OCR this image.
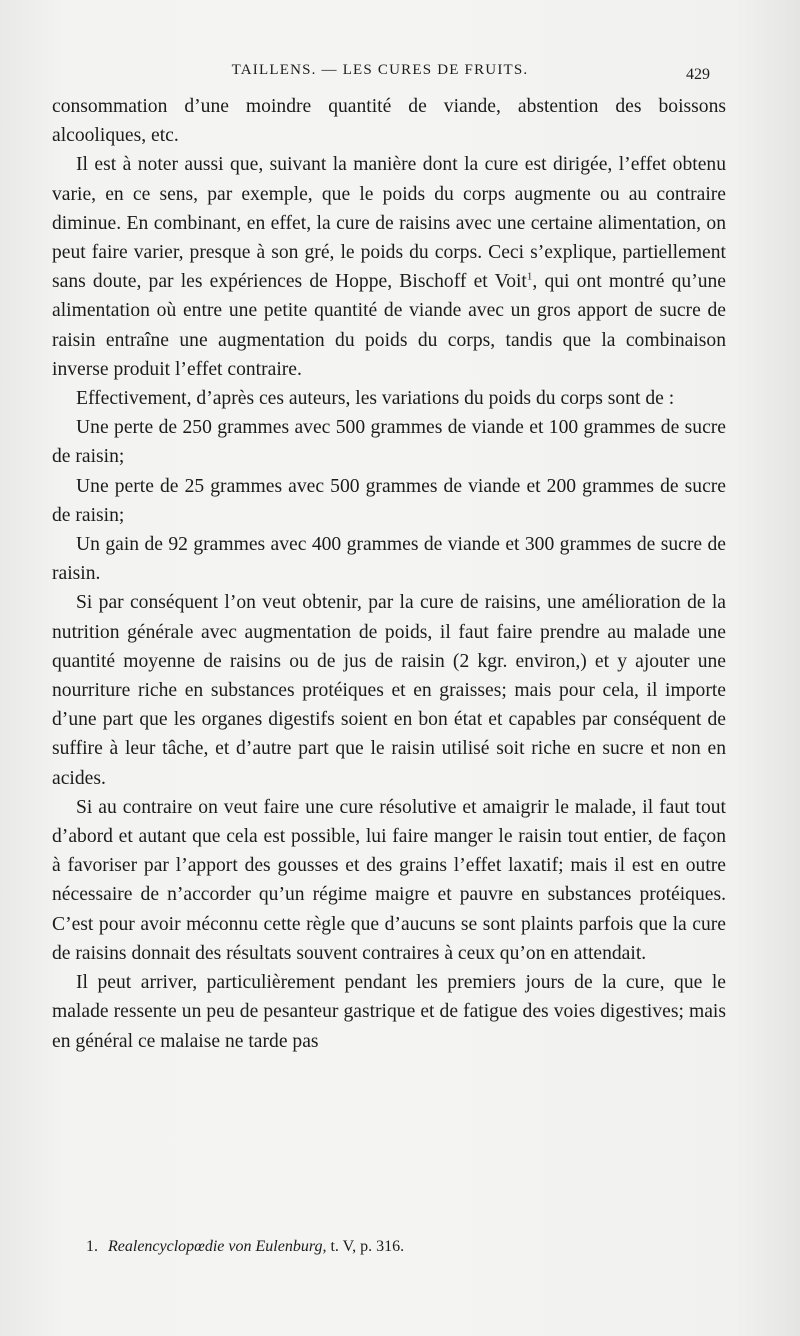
TAILLENS. — LES CURES DE FRUITS.	429

consommation d’une moindre quantité de viande, abstention des boissons alcooliques, etc.

Il est à noter aussi que, suivant la manière dont la cure est dirigée, l’effet obtenu varie, en ce sens, par exemple, que le poids du corps augmente ou au contraire diminue. En combinant, en effet, la cure de raisins avec une certaine alimentation, on peut faire varier, presque à son gré, le poids du corps. Ceci s’explique, partiellement sans doute, par les expériences de Hoppe, Bischoff et Voit$^1$, qui ont montré qu’une alimentation où entre une petite quantité de viande avec un gros apport de sucre de raisin entraîne une augmentation du poids du corps, tandis que la combinaison inverse produit l’effet contraire.

Effectivement, d’après ces auteurs, les variations du poids du corps sont de :

Une perte de 250 grammes avec 500 grammes de viande et 100 grammes de sucre de raisin;

Une perte de 25 grammes avec 500 grammes de viande et 200 grammes de sucre de raisin;

Un gain de 92 grammes avec 400 grammes de viande et 300 grammes de sucre de raisin.

Si par conséquent l’on veut obtenir, par la cure de raisins, une amélioration de la nutrition générale avec augmentation de poids, il faut faire prendre au malade une quantité moyenne de raisins ou de jus de raisin (2 kgr. environ,) et y ajouter une nourriture riche en substances protéiques et en graisses; mais pour cela, il importe d’une part que les organes digestifs soient en bon état et capables par conséquent de suffire à leur tâche, et d’autre part que le raisin utilisé soit riche en sucre et non en acides.

Si au contraire on veut faire une cure résolutive et amaigrir le malade, il faut tout d’abord et autant que cela est possible, lui faire manger le raisin tout entier, de façon à favoriser par l’apport des gousses et des grains l’effet laxatif; mais il est en outre nécessaire de n’accorder qu’un régime maigre et pauvre en substances protéiques. C’est pour avoir méconnu cette règle que d’aucuns se sont plaints parfois que la cure de raisins donnait des résultats souvent contraires à ceux qu’on en attendait.

Il peut arriver, particulièrement pendant les premiers jours de la cure, que le malade ressente un peu de pesanteur gastrique et de fatigue des voies digestives; mais en général ce malaise ne tarde pas

1. Realencyclopœdie von Eulenburg, t. V, p. 316.
